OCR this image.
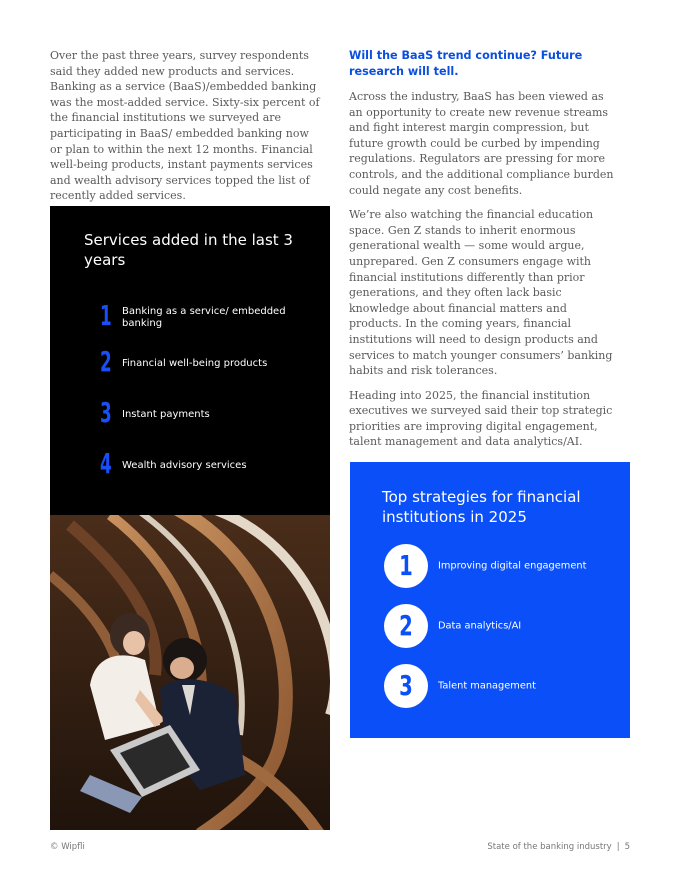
Over the past three years, survey respondents said they added new products and services. Banking as a service (BaaS)/embedded banking was the most-added service. Sixty-six percent of the financial institutions we surveyed are participating in BaaS/ embedded banking now or plan to within the next 12 months. Financial well-being products, instant payments services and wealth advisory services topped the list of recently added services.

Services added in the last 3 years

1 Banking as a service/ embedded banking
2 Financial well-being products
3 Instant payments
4 Wealth advisory services

Will the BaaS trend continue? Future research will tell.

Across the industry, BaaS has been viewed as an opportunity to create new revenue streams and fight interest margin compression, but future growth could be curbed by impending regulations. Regulators are pressing for more controls, and the additional compliance burden could negate any cost benefits.

We’re also watching the financial education space. Gen Z stands to inherit enormous generational wealth — some would argue, unprepared. Gen Z consumers engage with financial institutions differently than prior generations, and they often lack basic knowledge about financial matters and products. In the coming years, financial institutions will need to design products and services to match younger consumers’ banking habits and risk tolerances.

Heading into 2025, the financial institution executives we surveyed said their top strategic priorities are improving digital engagement, talent management and data analytics/AI.

Top strategies for financial institutions in 2025

1	Improving digital engagement
2	Data analytics/AI
3	Talent management
© Wipfli	State of the banking industry | 5
